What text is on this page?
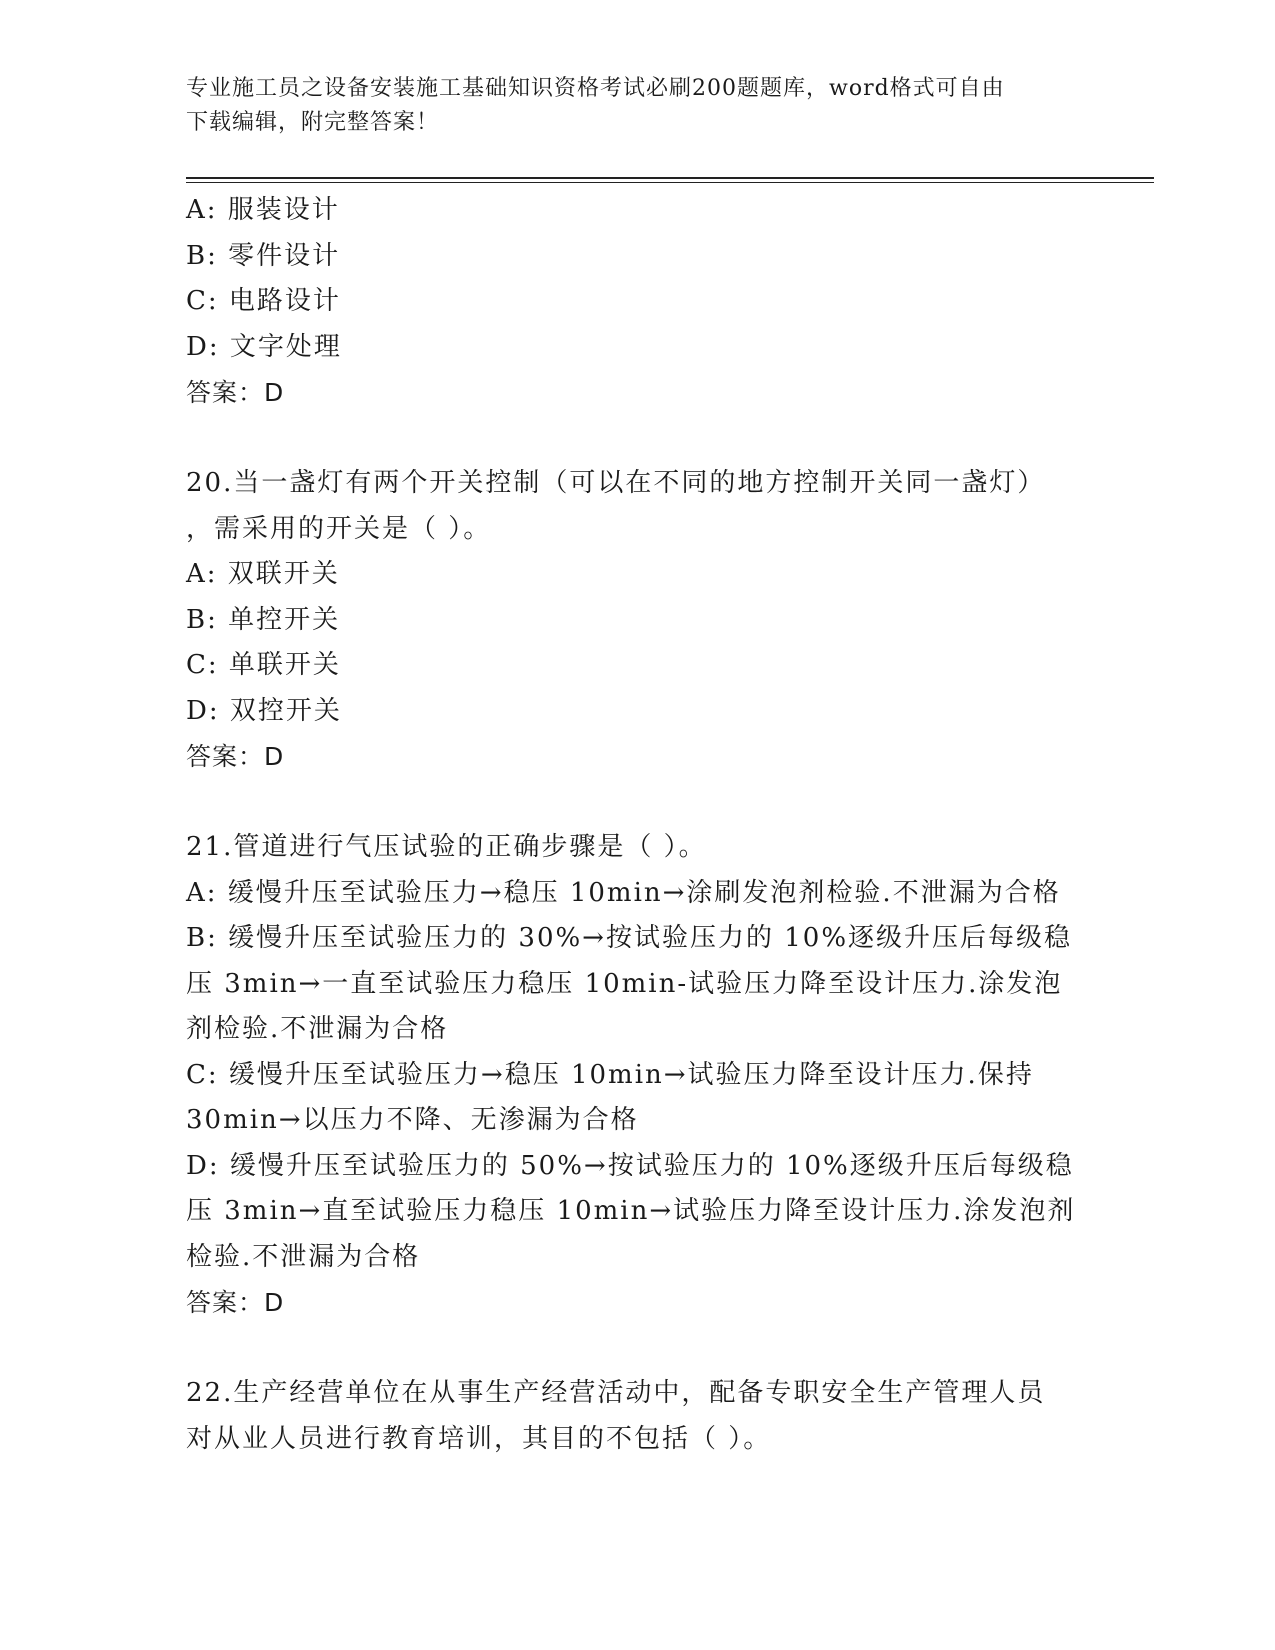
专业施工员之设备安装施工基础知识资格考试必刷200题题库，word格式可自由
下载编辑，附完整答案！
A: 服装设计
B: 零件设计
C: 电路设计
D: 文字处理
答案：D
20.当一盏灯有两个开关控制（可以在不同的地方控制开关同一盏灯）
，需采用的开关是（ ）。
A: 双联开关
B: 单控开关
C: 单联开关
D: 双控开关
答案：D
21.管道进行气压试验的正确步骤是（ ）。
A: 缓慢升压至试验压力→稳压 10min→涂刷发泡剂检验.不泄漏为合格
B: 缓慢升压至试验压力的 30%→按试验压力的 10%逐级升压后每级稳
压 3min→一直至试验压力稳压 10min-试验压力降至设计压力.涂发泡
剂检验.不泄漏为合格
C: 缓慢升压至试验压力→稳压 10min→试验压力降至设计压力.保持
30min→以压力不降、无渗漏为合格
D: 缓慢升压至试验压力的 50%→按试验压力的 10%逐级升压后每级稳
压 3min→直至试验压力稳压 10min→试验压力降至设计压力.涂发泡剂
检验.不泄漏为合格
答案：D
22.生产经营单位在从事生产经营活动中，配备专职安全生产管理人员
对从业人员进行教育培训，其目的不包括（ ）。
